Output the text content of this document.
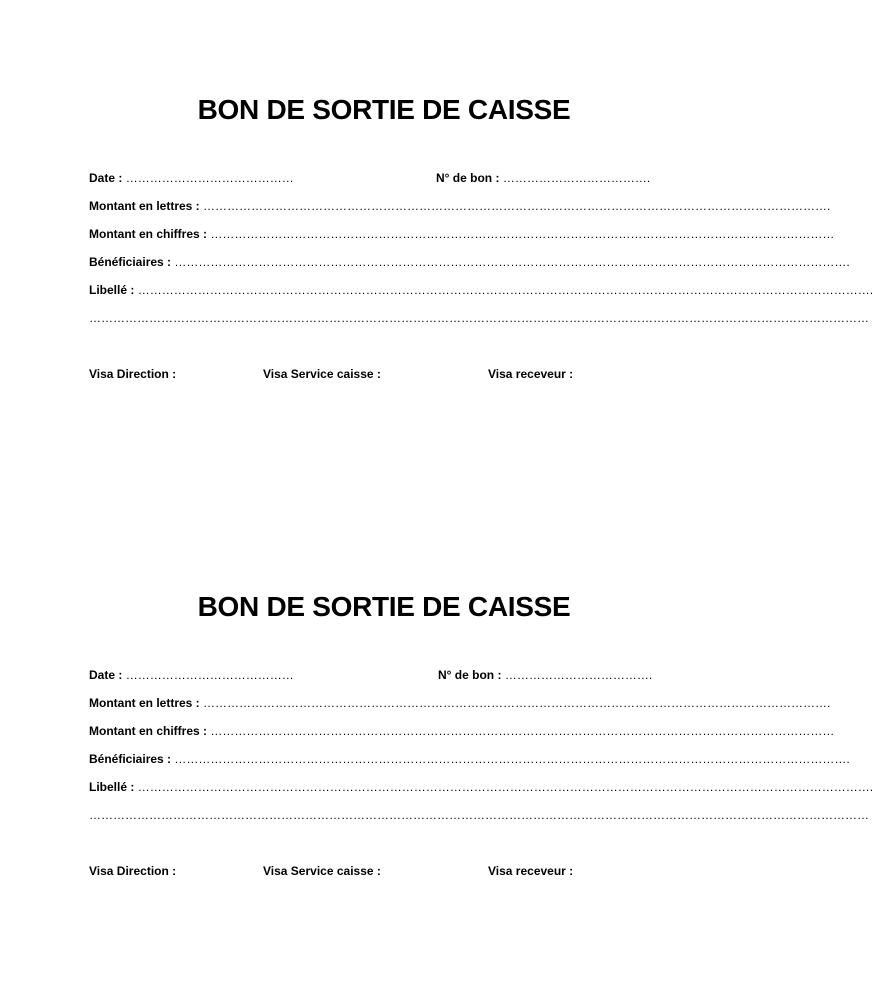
BON DE SORTIE DE CAISSE
Date : ……………………………………	N° de bon : ……………………………….
Montant en lettres : ………………………………………………………………………………………………………………………………………….
Montant en chiffres : …………………………………………………………………………………………………………………………………………
Bénéficiaires : …………………………………………………………………………………………………………………………………………………….
Libellé : ………………………………………………………………………………………………………………………………………………………………….
……………………………………………………………………………………………………………………………………………………………………………
Visa Direction :	Visa Service caisse :	Visa receveur :
BON DE SORTIE DE CAISSE
Date : ……………………………………	N° de bon : ……………………………….
Montant en lettres : ………………………………………………………………………………………………………………………………………….
Montant en chiffres : …………………………………………………………………………………………………………………………………………
Bénéficiaires : …………………………………………………………………………………………………………………………………………………….
Libellé : ………………………………………………………………………………………………………………………………………………………………….
……………………………………………………………………………………………………………………………………………………………………………
Visa Direction :	Visa Service caisse :	Visa receveur :
